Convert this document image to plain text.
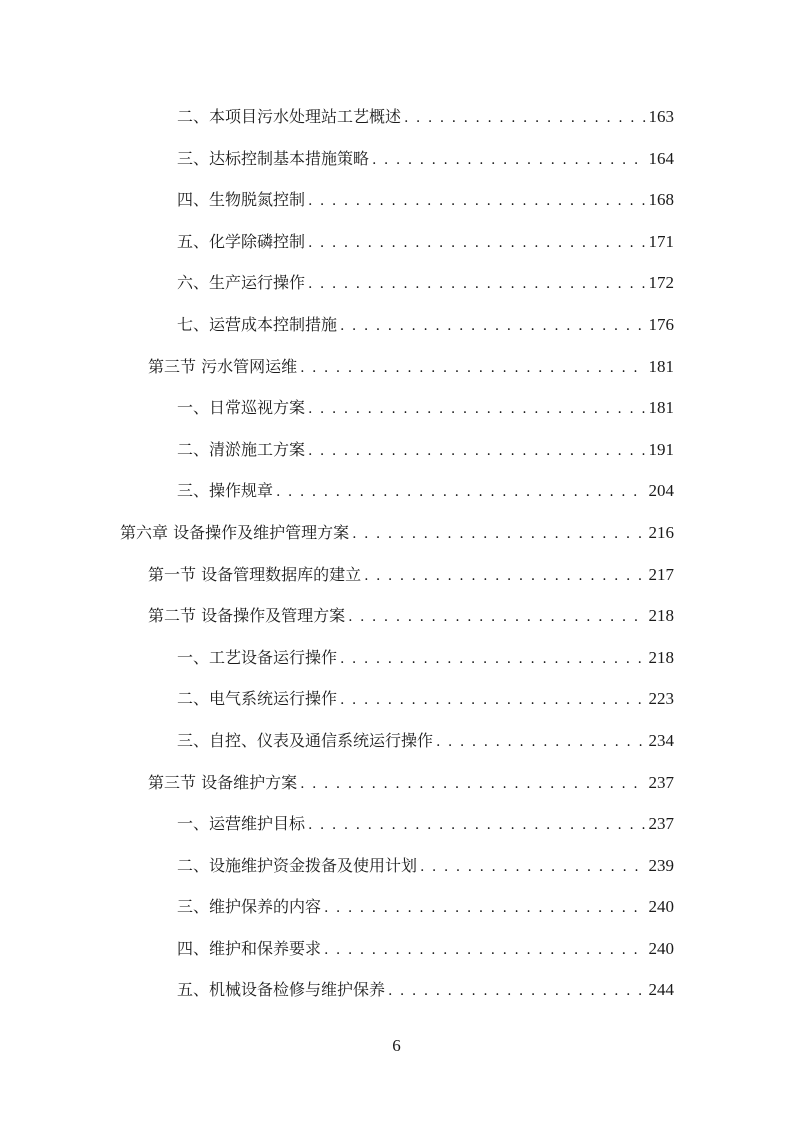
二、本项目污水处理站工艺概述 . . .	163
三、达标控制基本措施策略 . . .	164
四、生物脱氮控制 . . .	168
五、化学除磷控制 . . .	171
六、生产运行操作 . . .	172
七、运营成本控制措施 . . .	176
第三节 污水管网运维 . . .	181
一、日常巡视方案 . . .	181
二、清淤施工方案 . . .	191
三、操作规章 . . .	204
第六章 设备操作及维护管理方案 . . .	216
第一节 设备管理数据库的建立 . . .	217
第二节 设备操作及管理方案 . . .	218
一、工艺设备运行操作 . . .	218
二、电气系统运行操作 . . .	223
三、自控、仪表及通信系统运行操作 . . .	234
第三节 设备维护方案 . . .	237
一、运营维护目标 . . .	237
二、设施维护资金拨备及使用计划 . . .	239
三、维护保养的内容 . . .	240
四、维护和保养要求 . . .	240
五、机械设备检修与维护保养 . . .	244
6
